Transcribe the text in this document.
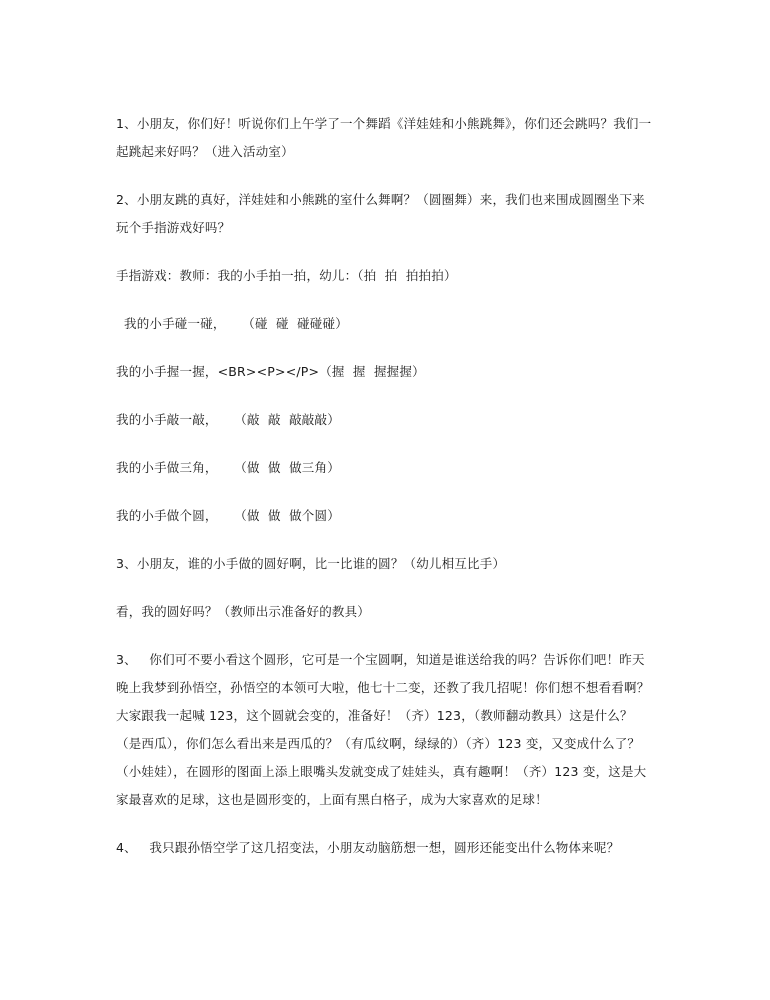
1、小朋友，你们好！听说你们上午学了一个舞蹈《洋娃娃和小熊跳舞》，你们还会跳吗？我们一起跳起来好吗？（进入活动室）

2、小朋友跳的真好，洋娃娃和小熊跳的室什么舞啊？（圆圈舞）来，我们也来围成圆圈坐下来玩个手指游戏好吗？

手指游戏：教师：我的小手拍一拍，幼儿：（拍  拍  拍拍拍）

我的小手碰一碰，    （碰  碰  碰碰碰）

我的小手握一握，<BR><P></P>（握  握  握握握）

我的小手敲一敲，    （敲  敲  敲敲敲）

我的小手做三角，    （做  做  做三角）

我的小手做个圆，    （做  做  做个圆）

3、小朋友，谁的小手做的圆好啊，比一比谁的圆？（幼儿相互比手）

看，我的圆好吗？（教师出示准备好的教具）

3、   你们可不要小看这个圆形，它可是一个宝圆啊，知道是谁送给我的吗？告诉你们吧！昨天晚上我梦到孙悟空，孙悟空的本领可大啦，他七十二变，还教了我几招呢！你们想不想看看啊？大家跟我一起喊 123，这个圆就会变的，准备好！（齐）123，（教师翻动教具）这是什么？（是西瓜），你们怎么看出来是西瓜的？（有瓜纹啊，绿绿的）（齐）123 变，又变成什么了？（小娃娃），在圆形的图面上添上眼嘴头发就变成了娃娃头，真有趣啊！（齐）123 变，这是大家最喜欢的足球，这也是圆形变的，上面有黑白格子，成为大家喜欢的足球！

4、   我只跟孙悟空学了这几招变法，小朋友动脑筋想一想，圆形还能变出什么物体来呢？
